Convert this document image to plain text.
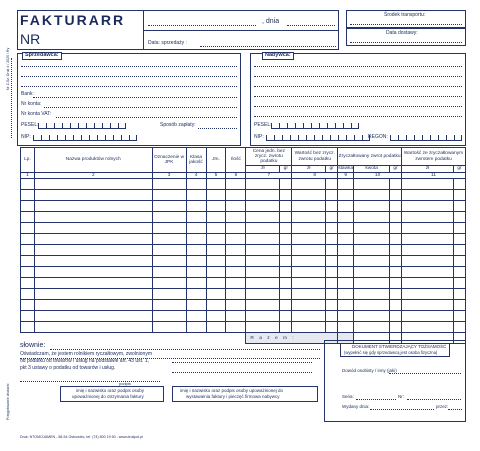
FAKTURARR
NR
, dnia
Data: sprzedaży :
Środek transportu:
Data dostawy:
Nr Z-Sz. Druk 4 / 2020 / Ry	Sprzedawca:
Bank:
Nr konta:
Nr konta VAT:
PESEL:	Sposób zapłaty:
NIP:
Nabywca:
PESEL:
NIP:	REGON:
Lp.	Nazwa produktów rolnych	Oznaczenie w JPK	Klasa jakość	Jm.	Ilość	Cena jedn. bez zrycz. zwrotu podatku		Wartość bez zrycz. zwrotu podatku		Zryczałtowany zwrot podatku			Wartość ze zryczałtowanym zwrotem podatku	
						zł	gr	zł	gr	stawka	kwota	gr	zł	gr
1	2	3	4	5	6	7		8		9	10		11	

						R a z e m :								
słownie:
Oświadczam, że jestem rolnikiem ryczałtowym, zwolnionym
od podatku od towarów i usług na podstawie art. 43 ust. 1,
pkt 3 ustawy o podatku od towarów i usług.
podpis
imię i nazwisko oraz podpis osoby
upoważnionej do otrzymania faktury
imię i nazwisko oraz podpis osoby upoważnionej do
wystawienia faktury i pieczęć firmowa nabywcy
DOKUMENT STWIERDZAJĄCY TOŻSAMOŚĆ
(wypełnić się gdy sprzedawcą jest osoba fizyczna)
Dowód osobisty / inny (jaki)
Seria:	Nr:
Wydany dnia:	przez:
Przygotowanie drukarki
Druk: NTOMOJAMEN - 58-54 Ostrowiec, tel. (74) 800 19 50 - www.drukpol.pl
